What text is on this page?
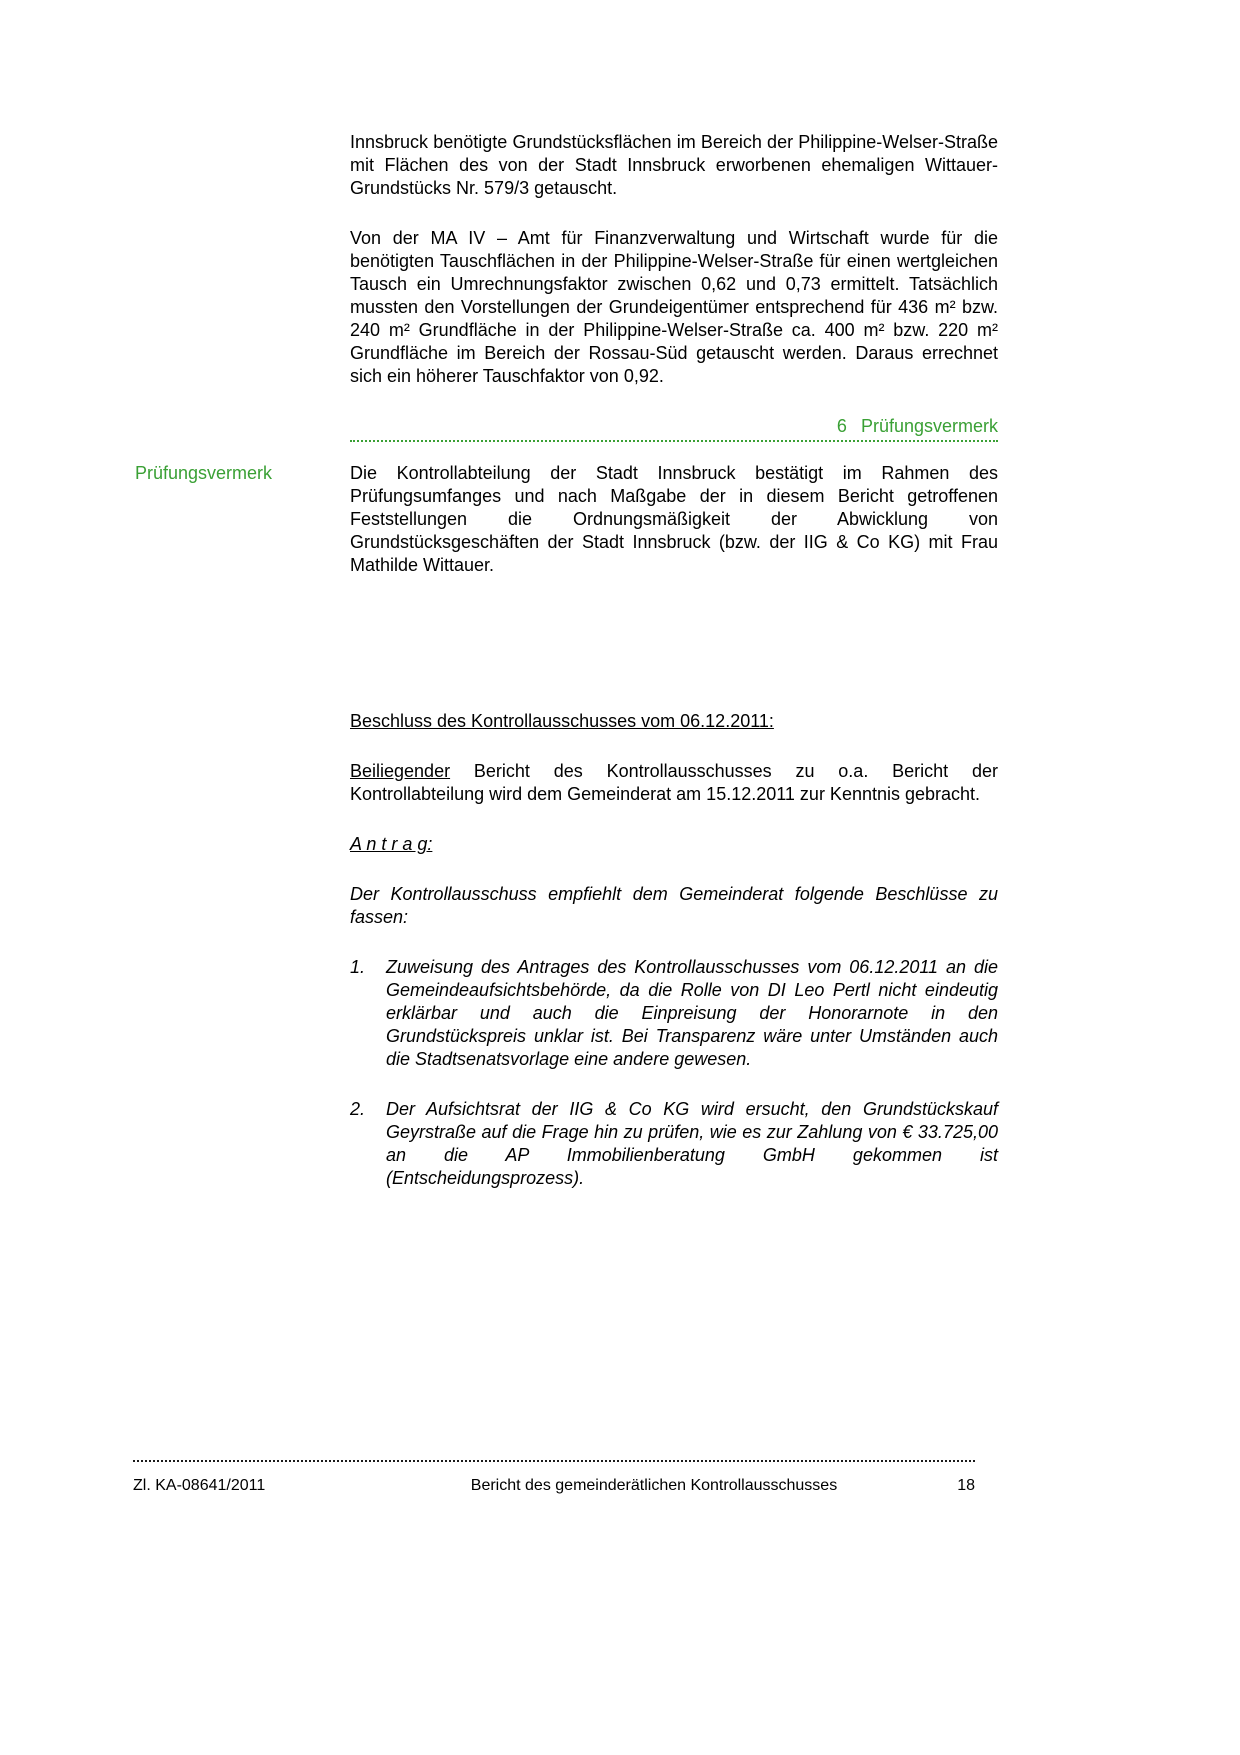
Innsbruck benötigte Grundstücksflächen im Bereich der Philippine-Welser-Straße mit Flächen des von der Stadt Innsbruck erworbenen ehemaligen Wittauer-Grundstücks Nr. 579/3 getauscht.

Von der MA IV – Amt für Finanzverwaltung und Wirtschaft wurde für die benötigten Tauschflächen in der Philippine-Welser-Straße für einen wertgleichen Tausch ein Umrechnungsfaktor zwischen 0,62 und 0,73 ermittelt. Tatsächlich mussten den Vorstellungen der Grundeigentümer entsprechend für 436 m² bzw. 240 m² Grundfläche in der Philippine-Welser-Straße ca. 400 m² bzw. 220 m² Grundfläche im Bereich der Rossau-Süd getauscht werden. Daraus errechnet sich ein höherer Tauschfaktor von 0,92.

6 Prüfungsvermerk
Prüfungsvermerk	Die Kontrollabteilung der Stadt Innsbruck bestätigt im Rahmen des Prüfungsumfanges und nach Maßgabe der in diesem Bericht getroffenen Feststellungen die Ordnungsmäßigkeit der Abwicklung von Grundstücksgeschäften der Stadt Innsbruck (bzw. der IIG & Co KG) mit Frau Mathilde Wittauer.

Beschluss des Kontrollausschusses vom 06.12.2011:

Beiliegender Bericht des Kontrollausschusses zu o.a. Bericht der Kontrollabteilung wird dem Gemeinderat am 15.12.2011 zur Kenntnis gebracht.

A n t r a g:

Der Kontrollausschuss empfiehlt dem Gemeinderat folgende Beschlüsse zu fassen:

1.	Zuweisung des Antrages des Kontrollausschusses vom 06.12.2011 an die Gemeindeaufsichtsbehörde, da die Rolle von DI Leo Pertl nicht eindeutig erklärbar und auch die Einpreisung der Honorarnote in den Grundstückspreis unklar ist. Bei Transparenz wäre unter Umständen auch die Stadtsenatsvorlage eine andere gewesen.
2.	Der Aufsichtsrat der IIG & Co KG wird ersucht, den Grundstückskauf Geyrstraße auf die Frage hin zu prüfen, wie es zur Zahlung von € 33.725,00 an die AP Immobilienberatung GmbH gekommen ist (Entscheidungsprozess).
Zl. KA-08641/2011	Bericht des gemeinderätlichen Kontrollausschusses	18
